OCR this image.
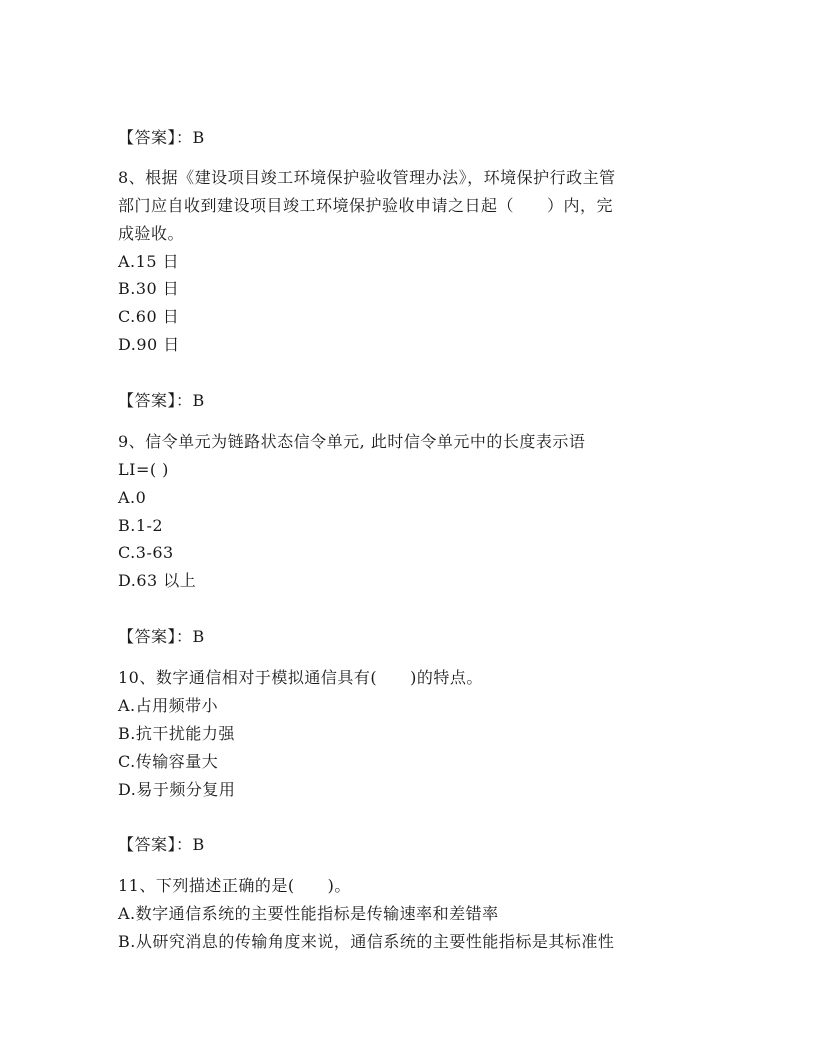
【答案】：B
8、根据《建设项目竣工环境保护验收管理办法》，环境保护行政主管
部门应自收到建设项目竣工环境保护验收申请之日起（　　）内，完
成验收。
A.15 日
B.30 日
C.60 日
D.90 日
【答案】：B
9、信令单元为链路状态信令单元, 此时信令单元中的长度表示语
LI=( )
A.0
B.1-2
C.3-63
D.63 以上
【答案】：B
10、数字通信相对于模拟通信具有(　　)的特点。
A.占用频带小
B.抗干扰能力强
C.传输容量大
D.易于频分复用
【答案】：B
11、下列描述正确的是(　　)。
A.数字通信系统的主要性能指标是传输速率和差错率
B.从研究消息的传输角度来说，通信系统的主要性能指标是其标准性
